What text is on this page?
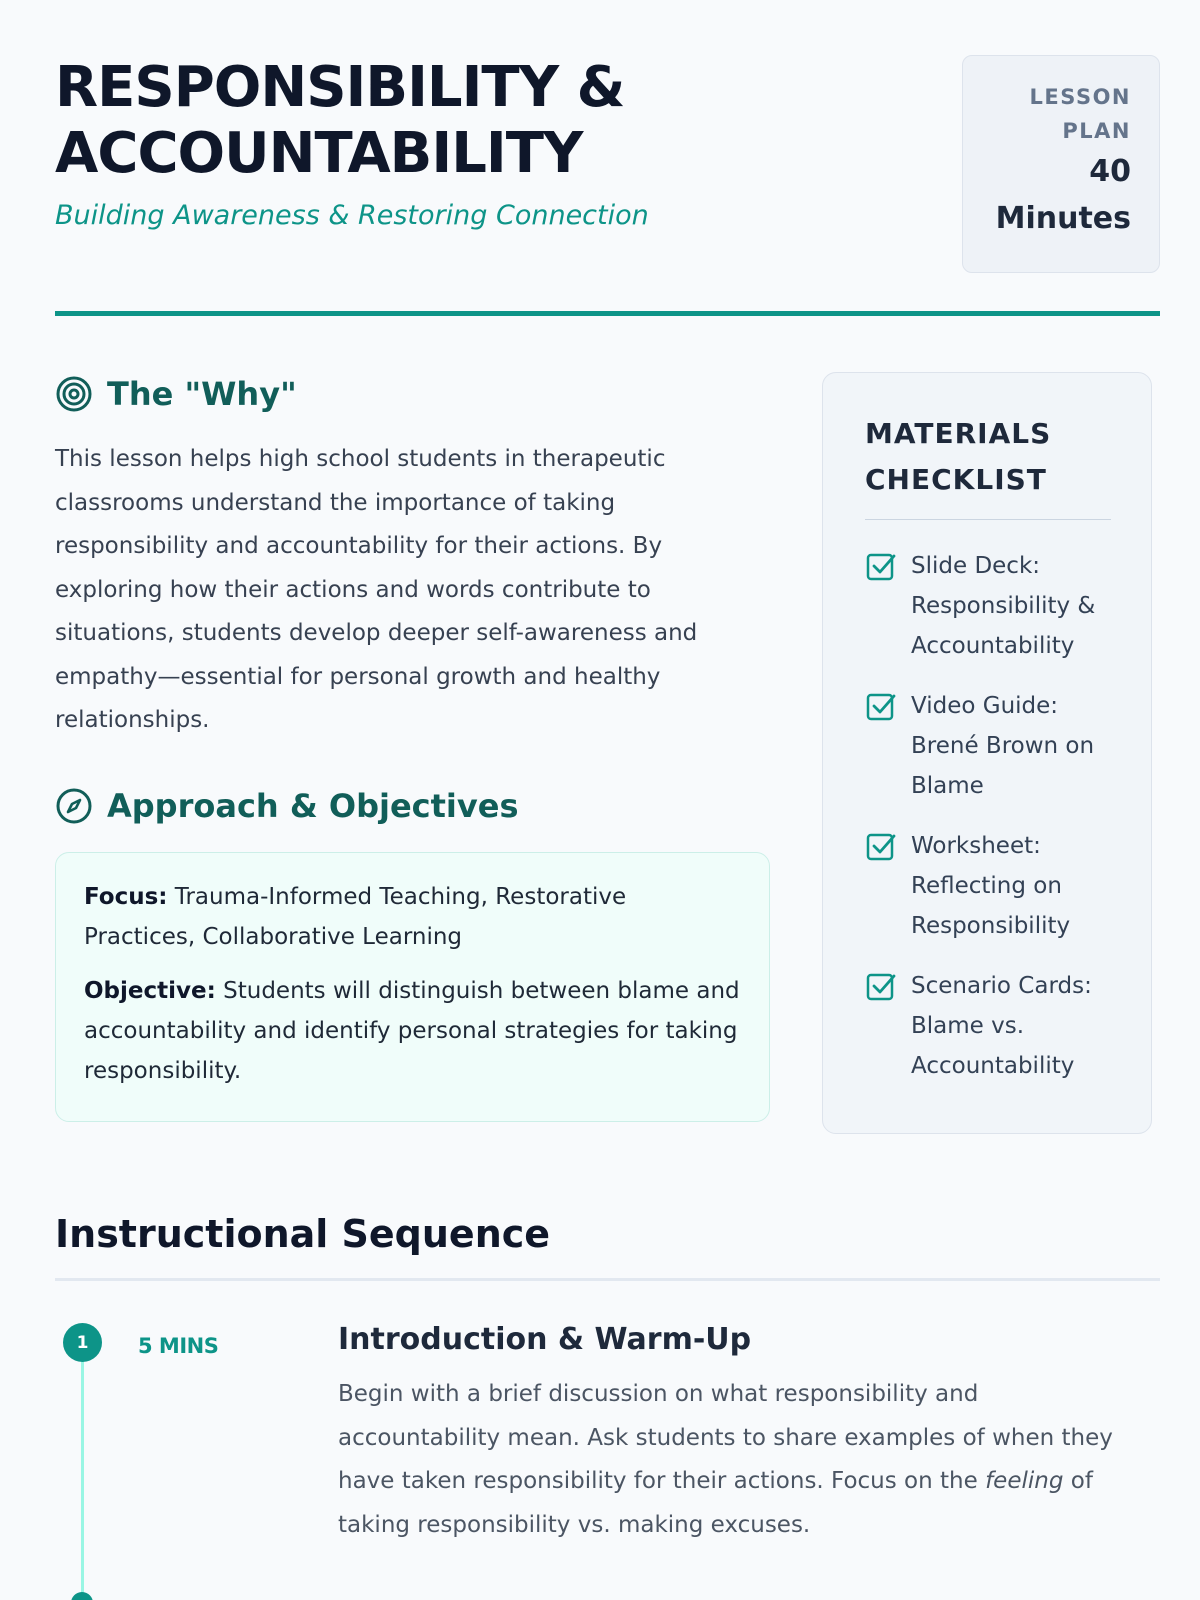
RESPONSIBILITY &
ACCOUNTABILITY
Building Awareness & Restoring Connection
LESSON
PLAN
40
Minutes
The "Why"

This lesson helps high school students in therapeutic classrooms understand the importance of taking responsibility and accountability for their actions. By exploring how their actions and words contribute to situations, students develop deeper self-awareness and empathy—essential for personal growth and healthy relationships.

Approach & Objectives

Focus: Trauma-Informed Teaching, Restorative Practices, Collaborative Learning

Objective: Students will distinguish between blame and accountability and identify personal strategies for taking responsibility.

MATERIALS
CHECKLIST
Slide Deck: Responsibility & Accountability
Video Guide: Brené Brown on Blame
Worksheet: Reflecting on Responsibility
Scenario Cards: Blame vs. Accountability
Instructional Sequence
1	5 MINS	Introduction & Warm-Up

Begin with a brief discussion on what responsibility and accountability mean. Ask students to share examples of when they have taken responsibility for their actions. Focus on the feeling of taking responsibility vs. making excuses.
